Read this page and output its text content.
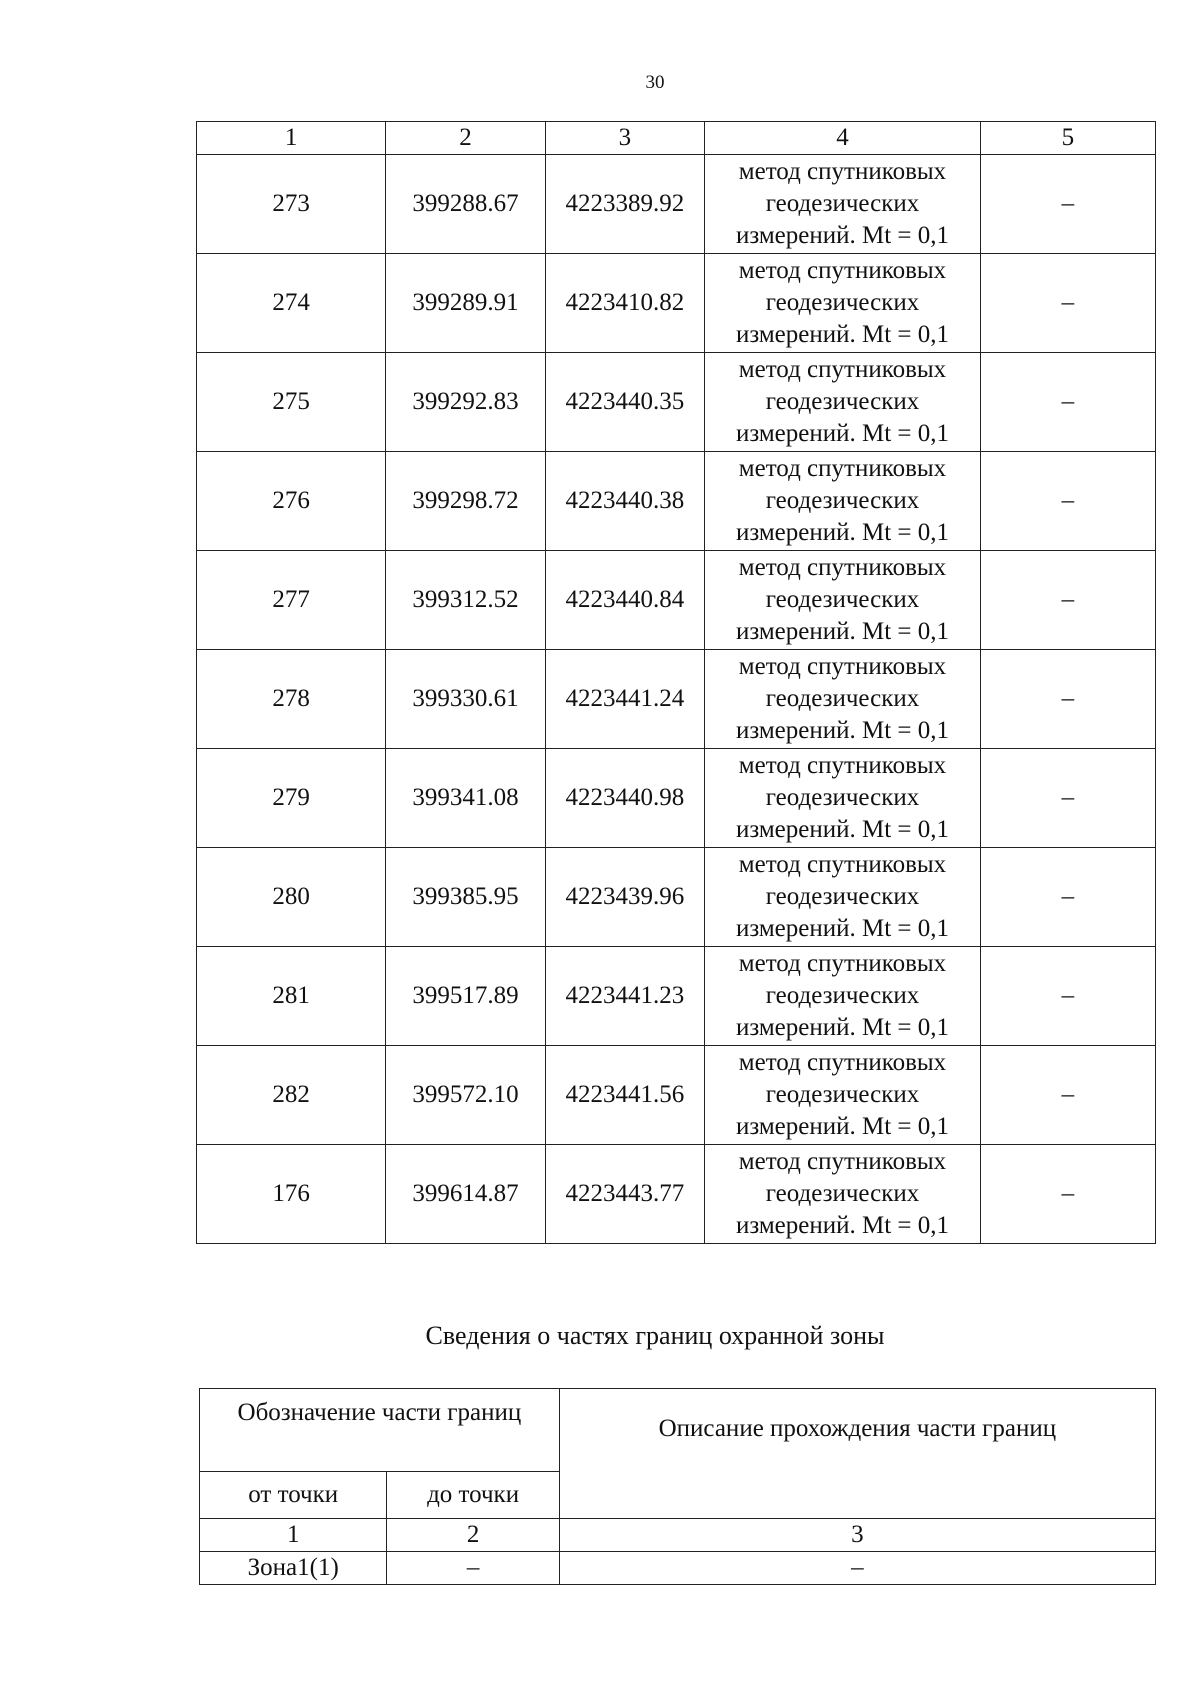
30
1	2	3	4	5
273	399288.67	4223389.92	метод спутниковых
геодезических
измерений. Mt = 0,1	–
274	399289.91	4223410.82	метод спутниковых
геодезических
измерений. Mt = 0,1	–
275	399292.83	4223440.35	метод спутниковых
геодезических
измерений. Mt = 0,1	–
276	399298.72	4223440.38	метод спутниковых
геодезических
измерений. Mt = 0,1	–
277	399312.52	4223440.84	метод спутниковых
геодезических
измерений. Mt = 0,1	–
278	399330.61	4223441.24	метод спутниковых
геодезических
измерений. Mt = 0,1	–
279	399341.08	4223440.98	метод спутниковых
геодезических
измерений. Mt = 0,1	–
280	399385.95	4223439.96	метод спутниковых
геодезических
измерений. Mt = 0,1	–
281	399517.89	4223441.23	метод спутниковых
геодезических
измерений. Mt = 0,1	–
282	399572.10	4223441.56	метод спутниковых
геодезических
измерений. Mt = 0,1	–
176	399614.87	4223443.77	метод спутниковых
геодезических
измерений. Mt = 0,1	–
Сведения о частях границ охранной зоны
Обозначение части границ		Описание прохождения части границ
от точки	до точки	
1	2	3
Зона1(1)	–	–
